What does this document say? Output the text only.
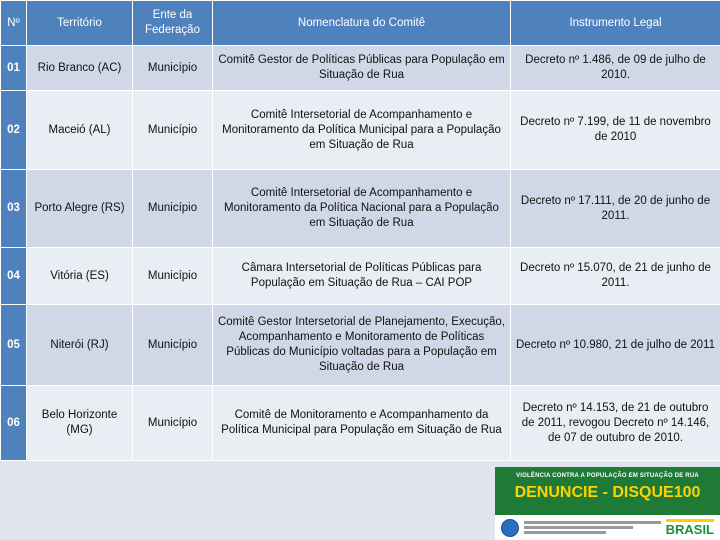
Nº	Território	Ente da Federação	Nomenclatura do Comitê	Instrumento Legal
01	Rio Branco (AC)	Município	Comitê Gestor de Políticas Públicas para População em Situação de Rua	Decreto nº 1.486, de 09 de julho de 2010.
02	Maceió (AL)	Município	Comitê Intersetorial de Acompanhamento e Monitoramento da Política Municipal para a População em Situação de Rua	Decreto nº 7.199, de 11 de novembro de 2010
03	Porto Alegre (RS)	Município	Comitê Intersetorial de Acompanhamento e Monitoramento da Política Nacional para a População em Situação de Rua	Decreto nº 17.111, de 20 de junho de 2011.
04	Vitória (ES)	Município	Câmara Intersetorial de Políticas Públicas para População em Situação de Rua – CAI POP	Decreto nº 15.070, de 21 de junho de 2011.
05	Niterói (RJ)	Município	Comitê Gestor Intersetorial de Planejamento, Execução, Acompanhamento e Monitoramento de Políticas Públicas do Município voltadas para a População em Situação de Rua	Decreto nº 10.980, 21 de julho de 2011
06	Belo Horizonte (MG)	Município	Comitê de Monitoramento e Acompanhamento da Política Municipal para População em Situação de Rua	Decreto nº 14.153, de 21 de outubro de 2011, revogou Decreto nº 14.146, de 07 de outubro de 2010.
VIOLÊNCIA CONTRA A POPULAÇÃO EM SITUAÇÃO DE RUA
DENUNCIE - DISQUE100
BRASIL
